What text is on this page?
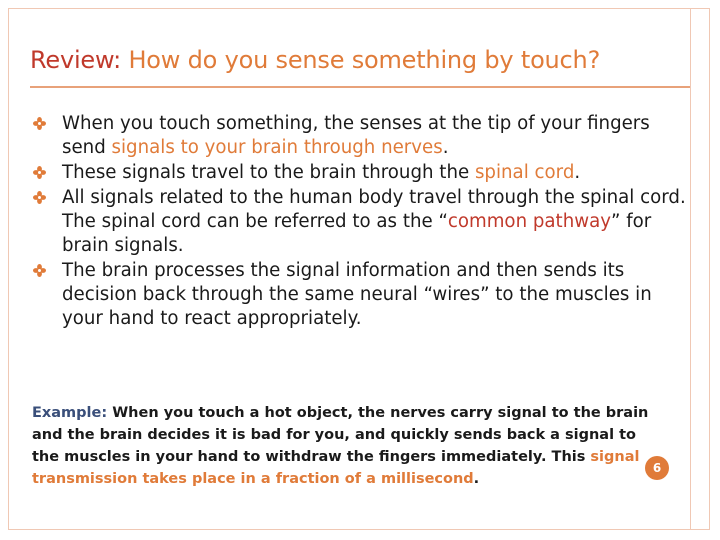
Review: How do you sense something by touch?
When you touch something, the senses at the tip of your fingers send signals to your brain through nerves.
These signals travel to the brain through the spinal cord.
All signals related to the human body travel through the spinal cord. The spinal cord can be referred to as the “common pathway” for brain signals.
The brain processes the signal information and then sends its decision back through the same neural “wires” to the muscles in your hand to react appropriately.
Example: When you touch a hot object, the nerves carry signal to the brain and the brain decides it is bad for you, and quickly sends back a signal to the muscles in your hand to withdraw the fingers immediately. This signal transmission takes place in a fraction of a millisecond.
6
